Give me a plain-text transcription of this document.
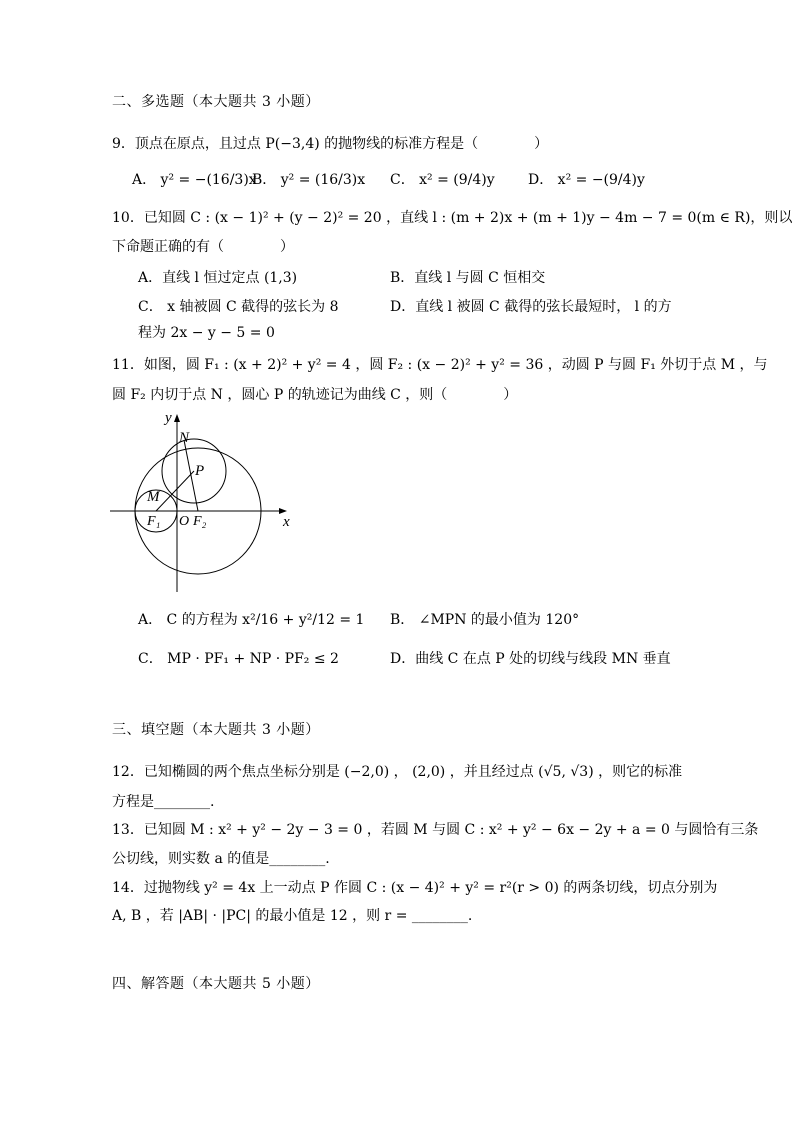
二、多选题（本大题共 3 小题）
9．顶点在原点，且过点 P(−3,4) 的抛物线的标准方程是（　　　　）
A． y² = −(16/3)x
B． y² = (16/3)x C． x² = (9/4)y D． x² = −(9/4)y
10．已知圆 C : (x − 1)² + (y − 2)² = 20 ，直线 l : (m + 2)x + (m + 1)y − 4m − 7 = 0(m ∈ R)，则以
下命题正确的有（　　　　）
A．直线 l 恒过定点 (1,3)	B．直线 l 与圆 C 恒相交
C． x 轴被圆 C 截得的弦长为 8	D．直线 l 被圆 C 截得的弦长最短时， l 的方
程为 2x − y − 5 = 0
11．如图，圆 F₁ : (x + 2)² + y² = 4 ，圆 F₂ : (x − 2)² + y² = 36 ，动圆 P 与圆 F₁ 外切于点 M ，与
圆 F₂ 内切于点 N ，圆心 P 的轨迹记为曲线 C ，则（　　　　）
y
x
N
P
M
F₁ O F₂
A． C 的方程为 x²/16 + y²/12 = 1 B． ∠MPN 的最小值为 120°
C． MP · PF₁ + NP · PF₂ ≤ 2	D．曲线 C 在点 P 处的切线与线段 MN 垂直
三、填空题（本大题共 3 小题）
12．已知椭圆的两个焦点坐标分别是 (−2,0) ， (2,0) ，并且经过点 (√5, √3) ，则它的标准
方程是________.
13．已知圆 M : x² + y² − 2y − 3 = 0 ，若圆 M 与圆 C : x² + y² − 6x − 2y + a = 0 与圆恰有三条
公切线，则实数 a 的值是________.
14．过抛物线 y² = 4x 上一动点 P 作圆 C : (x − 4)² + y² = r²(r > 0) 的两条切线，切点分别为
A, B ，若 |AB| · |PC| 的最小值是 12 ，则 r = ________.
四、解答题（本大题共 5 小题）
